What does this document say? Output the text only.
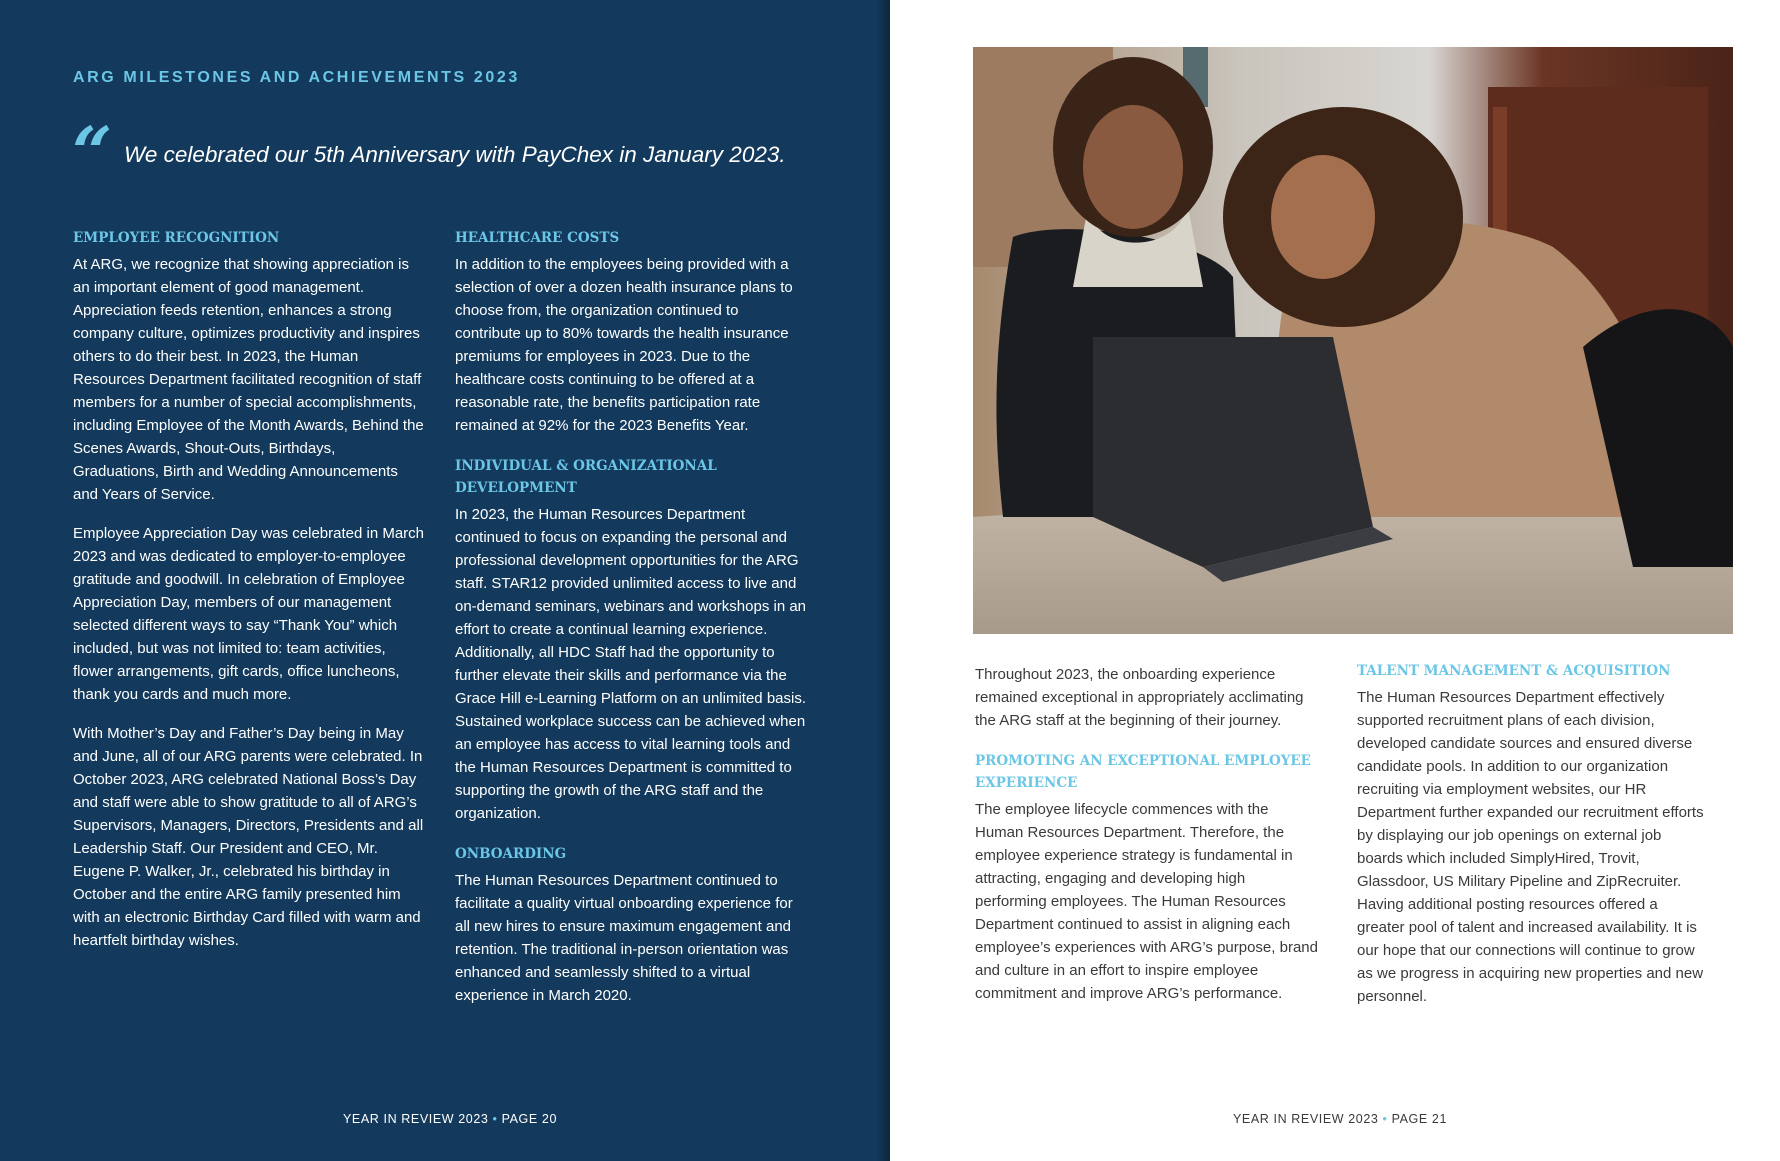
ARG MILESTONES AND ACHIEVEMENTS 2023
“ We celebrated our 5th Anniversary with PayChex in January 2023.

EMPLOYEE RECOGNITION

At ARG, we recognize that showing appreciation is an important element of good management. Appreciation feeds retention, enhances a strong company culture, optimizes productivity and inspires others to do their best. In 2023, the Human Resources Department facilitated recognition of staff members for a number of special accomplishments, including Employee of the Month Awards, Behind the Scenes Awards, Shout-Outs, Birthdays, Graduations, Birth and Wedding Announcements and Years of Service.

Employee Appreciation Day was celebrated in March 2023 and was dedicated to employer-to-employee gratitude and goodwill. In celebration of Employee Appreciation Day, members of our management selected different ways to say “Thank You” which included, but was not limited to: team activities, flower arrangements, gift cards, office luncheons, thank you cards and much more.

With Mother’s Day and Father’s Day being in May and June, all of our ARG parents were celebrated. In October 2023, ARG celebrated National Boss’s Day and staff were able to show gratitude to all of ARG’s Supervisors, Managers, Directors, Presidents and all Leadership Staff. Our President and CEO, Mr. Eugene P. Walker, Jr., celebrated his birthday in October and the entire ARG family presented him with an electronic Birthday Card filled with warm and heartfelt birthday wishes.

HEALTHCARE COSTS

In addition to the employees being provided with a selection of over a dozen health insurance plans to choose from, the organization continued to contribute up to 80% towards the health insurance premiums for employees in 2023. Due to the healthcare costs continuing to be offered at a reasonable rate, the benefits participation rate remained at 92% for the 2023 Benefits Year.

INDIVIDUAL & ORGANIZATIONAL DEVELOPMENT

In 2023, the Human Resources Department continued to focus on expanding the personal and professional development opportunities for the ARG staff. STAR12 provided unlimited access to live and on-demand seminars, webinars and workshops in an effort to create a continual learning experience. Additionally, all HDC Staff had the opportunity to further elevate their skills and performance via the Grace Hill e-Learning Platform on an unlimited basis. Sustained workplace success can be achieved when an employee has access to vital learning tools and the Human Resources Department is committed to supporting the growth of the ARG staff and the organization.

ONBOARDING

The Human Resources Department continued to facilitate a quality virtual onboarding experience for all new hires to ensure maximum engagement and retention. The traditional in-person orientation was enhanced and seamlessly shifted to a virtual experience in March 2020.

YEAR IN REVIEW 2023 • PAGE 20

Throughout 2023, the onboarding experience remained exceptional in appropriately acclimating the ARG staff at the beginning of their journey.

PROMOTING AN EXCEPTIONAL EMPLOYEE EXPERIENCE

The employee lifecycle commences with the Human Resources Department. Therefore, the employee experience strategy is fundamental in attracting, engaging and developing high performing employees. The Human Resources Department continued to assist in aligning each employee’s experiences with ARG’s purpose, brand and culture in an effort to inspire employee commitment and improve ARG’s performance.

TALENT MANAGEMENT & ACQUISITION

The Human Resources Department effectively supported recruitment plans of each division, developed candidate sources and ensured diverse candidate pools. In addition to our organization recruiting via employment websites, our HR Department further expanded our recruitment efforts by displaying our job openings on external job boards which included SimplyHired, Trovit, Glassdoor, US Military Pipeline and ZipRecruiter. Having additional posting resources offered a greater pool of talent and increased availability. It is our hope that our connections will continue to grow as we progress in acquiring new properties and new personnel.

YEAR IN REVIEW 2023 • PAGE 21
